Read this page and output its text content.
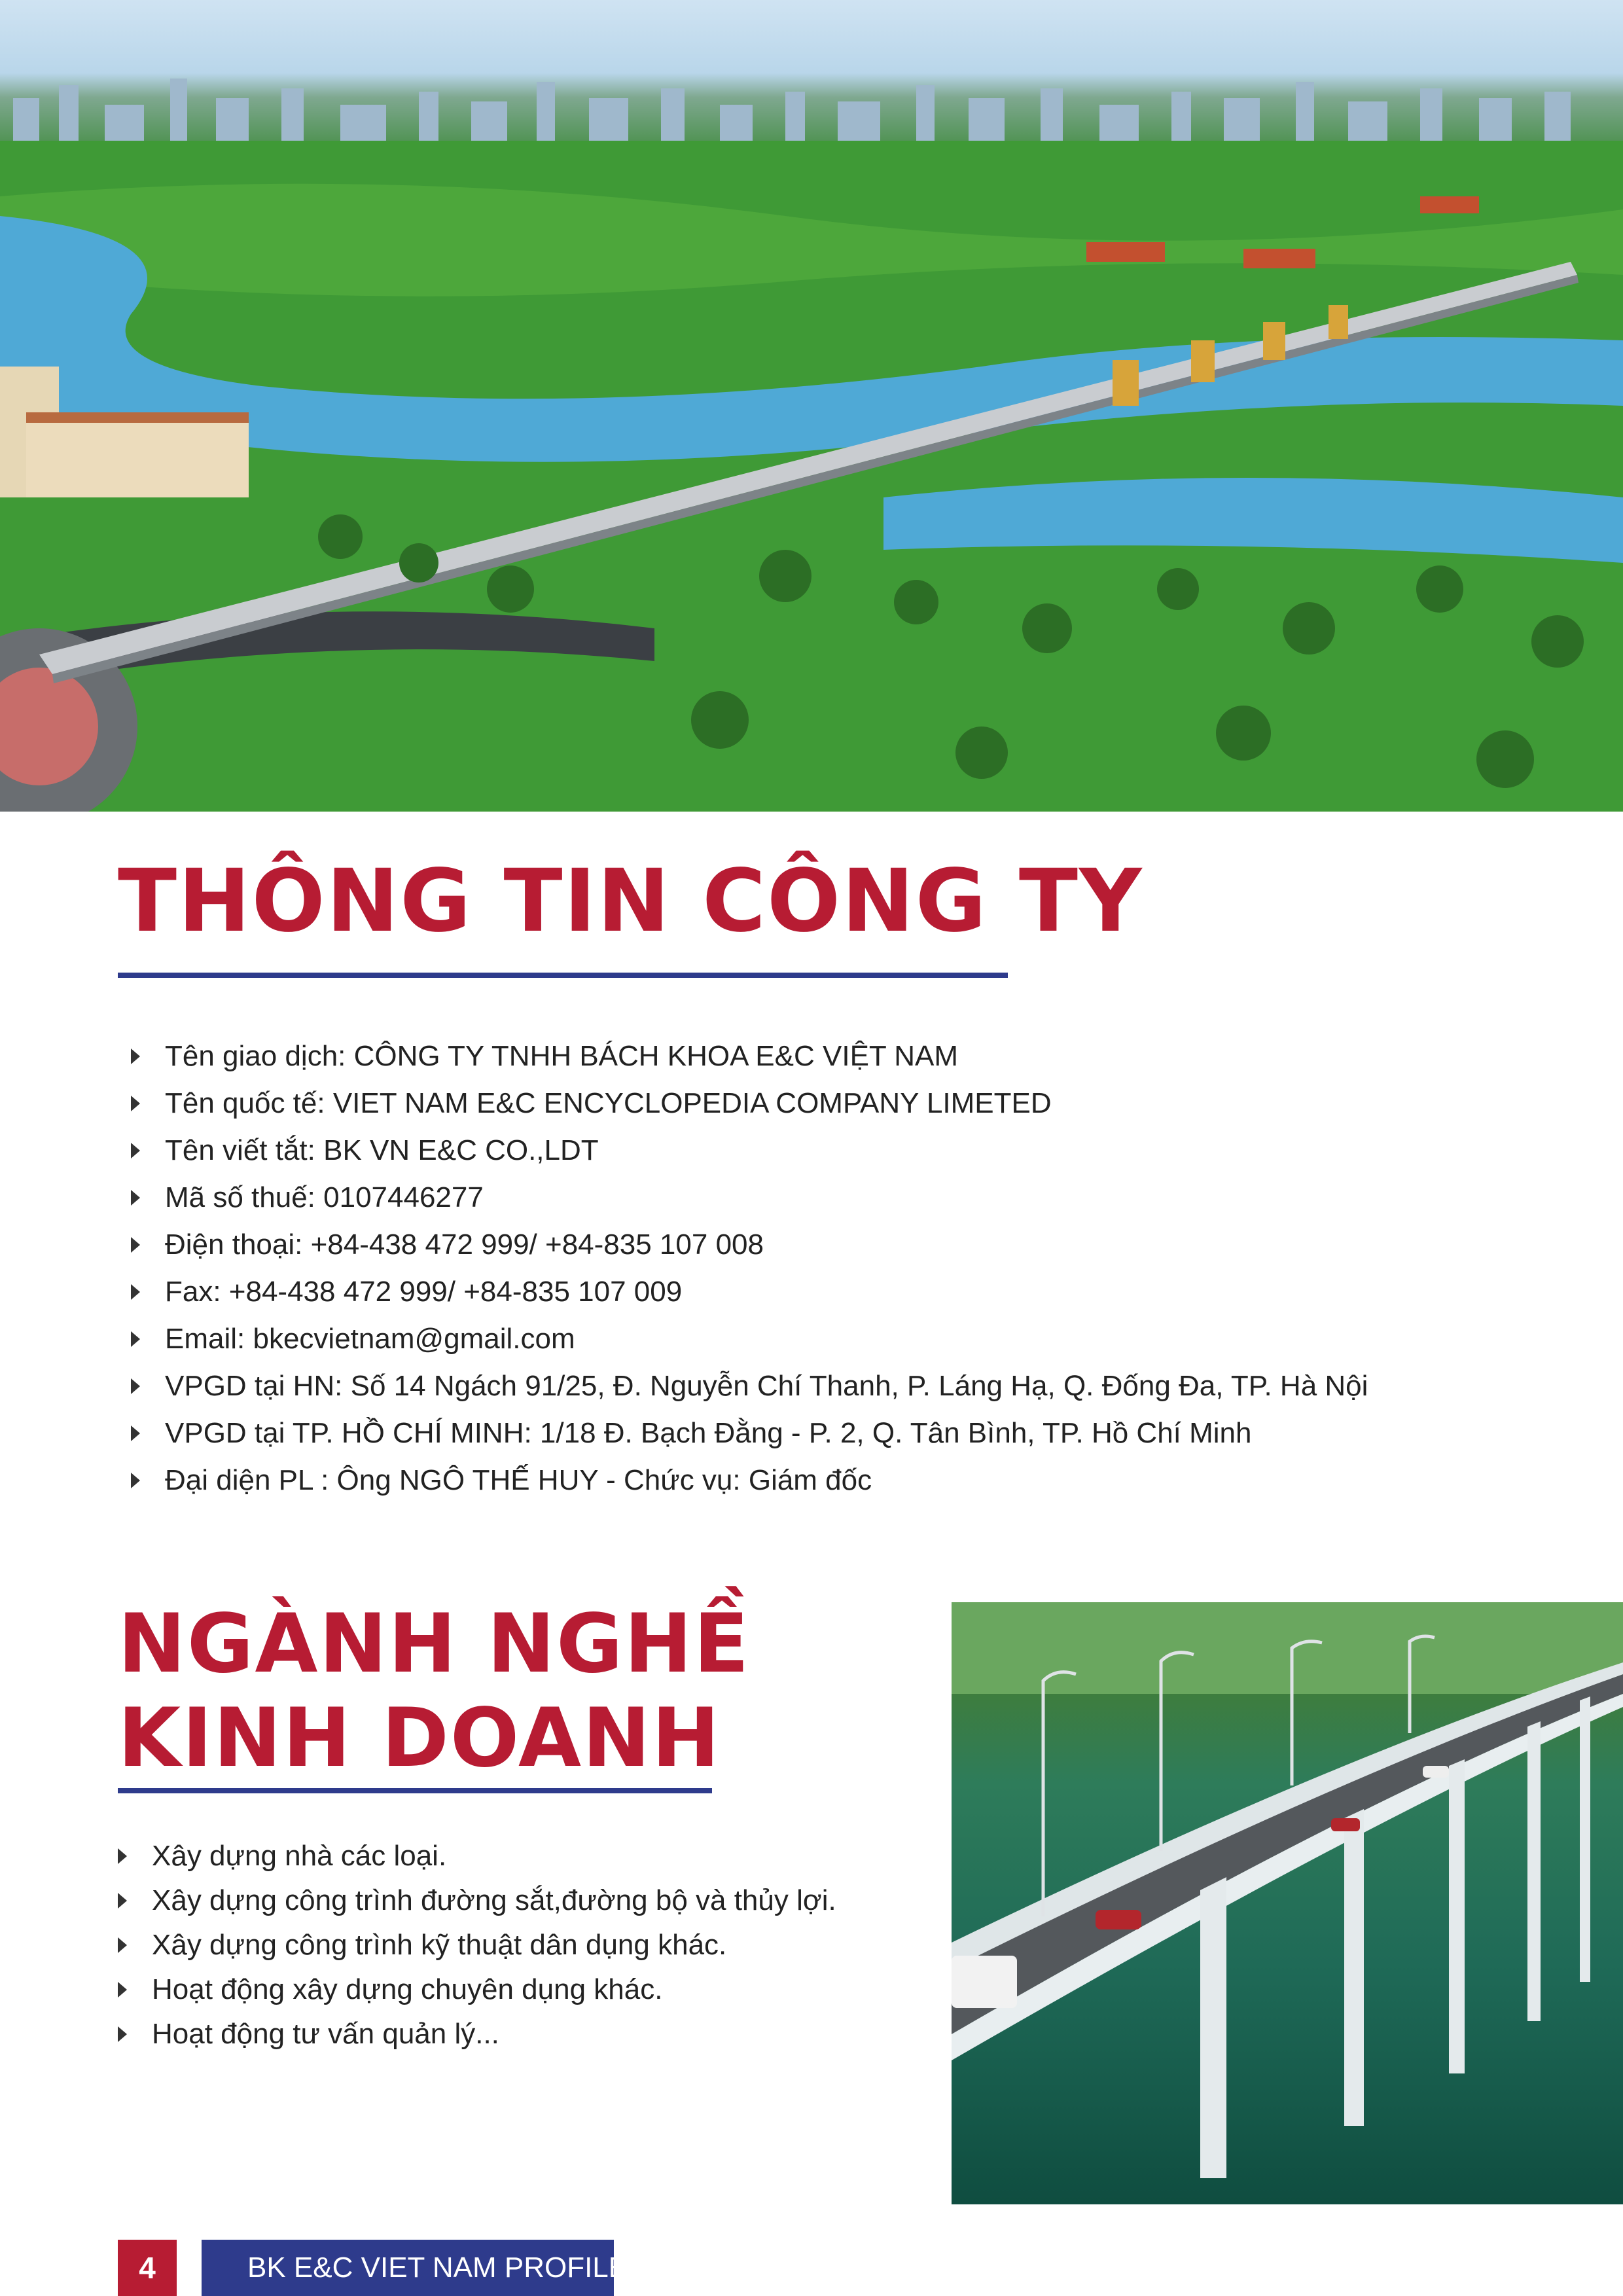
THÔNG TIN CÔNG TY
Tên giao dịch: CÔNG TY TNHH BÁCH KHOA E&C VIỆT NAM
Tên quốc tế: VIET NAM E&C ENCYCLOPEDIA COMPANY LIMETED
Tên viết tắt: BK VN E&C CO.,LDT
Mã số thuế: 0107446277
Điện thoại: +84-438 472 999/ +84-835 107 008
Fax: +84-438 472 999/ +84-835 107 009
Email: bkecvietnam@gmail.com
VPGD tại HN: Số 14 Ngách 91/25, Đ. Nguyễn Chí Thanh, P. Láng Hạ, Q. Đống Đa, TP. Hà Nội
VPGD tại TP. HỒ CHÍ MINH: 1/18 Đ. Bạch Đằng - P. 2, Q. Tân Bình, TP. Hồ Chí Minh
Đại diện PL : Ông NGÔ THẾ HUY - Chức vụ: Giám đốc
NGÀNH NGHỀ
KINH DOANH
Xây dựng nhà các loại.
Xây dựng công trình đường sắt,đường bộ và thủy lợi.
Xây dựng công trình kỹ thuật dân dụng khác.
Hoạt động xây dựng chuyên dụng khác.
Hoạt động tư vấn quản lý...
4	BK E&C VIET NAM PROFILE
